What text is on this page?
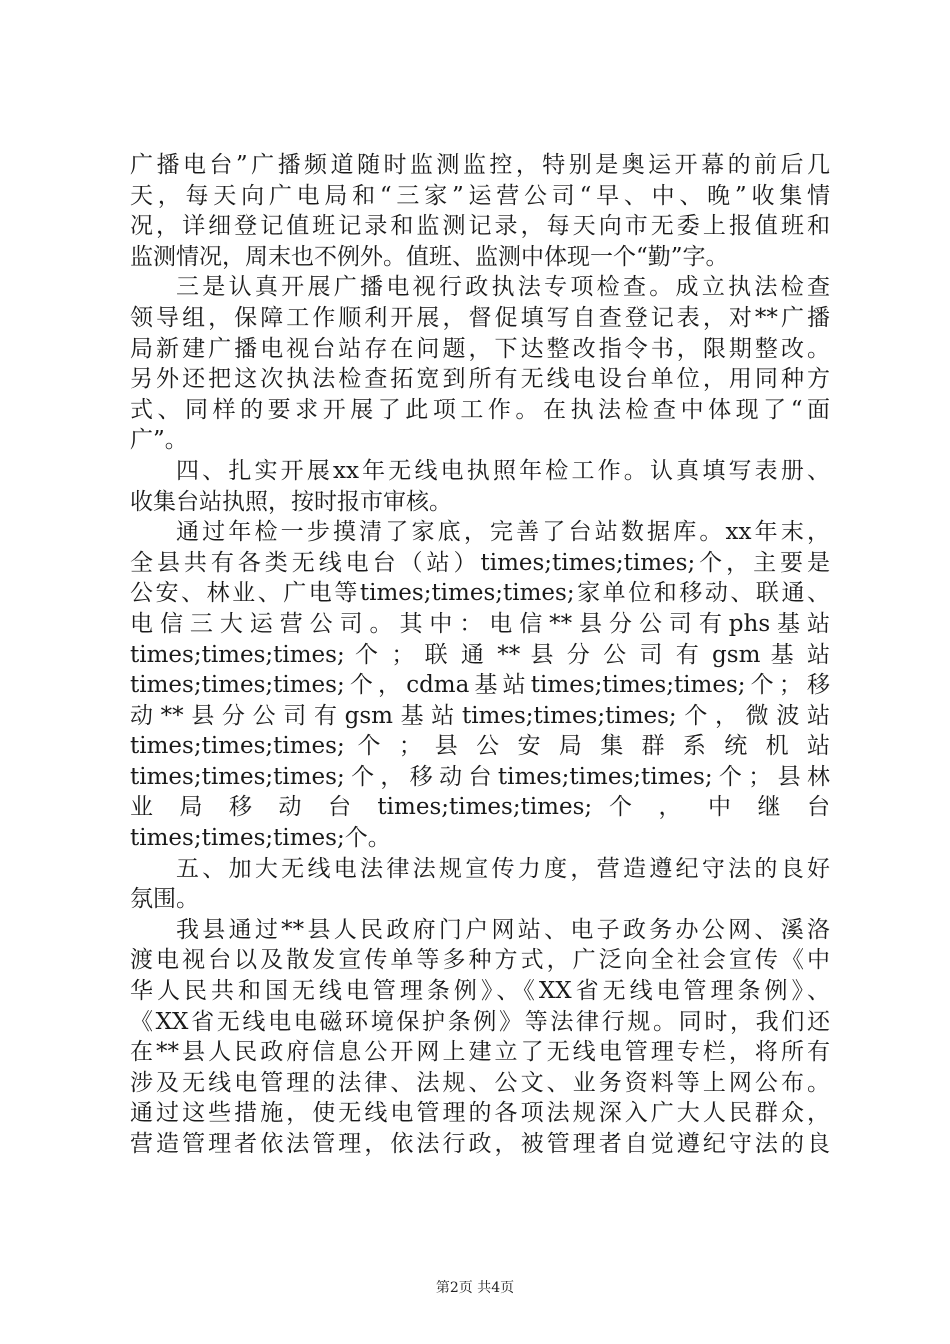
广播电台”广播频道随时监测监控，特别是奥运开幕的前后几
天，每天向广电局和“三家”运营公司“早、中、晚”收集情
况，详细登记值班记录和监测记录，每天向市无委上报值班和
监测情况，周末也不例外。值班、监测中体现一个“勤”字。
三是认真开展广播电视行政执法专项检查。成立执法检查
领导组，保障工作顺利开展，督促填写自查登记表，对**广播
局新建广播电视台站存在问题，下达整改指令书，限期整改。
另外还把这次执法检查拓宽到所有无线电设台单位，用同种方
式、同样的要求开展了此项工作。在执法检查中体现了“面
广”。
四、扎实开展xx年无线电执照年检工作。认真填写表册、
收集台站执照，按时报市审核。
通过年检一步摸清了家底，完善了台站数据库。xx年末，
全县共有各类无线电台（站）times;times;times;个，主要是
公安、林业、广电等times;times;times;家单位和移动、联通、
电信三大运营公司。其中：电信**县分公司有phs基站
times;times;times; 个 ； 联 通 ** 县 分 公 司 有 gsm 基 站
times;times;times;个，cdma基站times;times;times;个；移
动**县分公司有gsm基站times;times;times;个，微波站
times;times;times; 个 ； 县 公 安 局 集 群 系 统 机 站
times;times;times;个，移动台times;times;times;个；县林
业 局 移 动 台 times;times;times; 个 ， 中 继 台
times;times;times;个。
五、加大无线电法律法规宣传力度，营造遵纪守法的良好
氛围。
我县通过**县人民政府门户网站、电子政务办公网、溪洛
渡电视台以及散发宣传单等多种方式，广泛向全社会宣传《中
华人民共和国无线电管理条例》、《XX省无线电管理条例》、
《XX省无线电电磁环境保护条例》等法律行规。同时，我们还
在**县人民政府信息公开网上建立了无线电管理专栏，将所有
涉及无线电管理的法律、法规、公文、业务资料等上网公布。
通过这些措施，使无线电管理的各项法规深入广大人民群众，
营造管理者依法管理，依法行政，被管理者自觉遵纪守法的良
第2页 共4页
